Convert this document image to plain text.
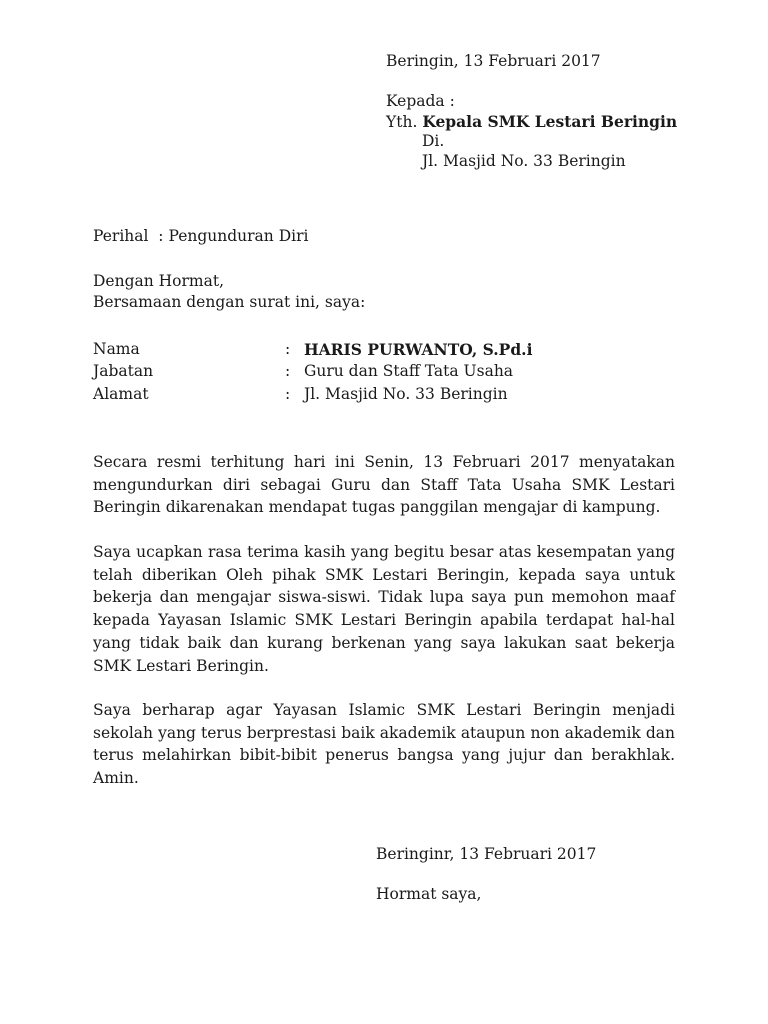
Beringin, 13 Februari 2017
Kepada :
Yth. Kepala SMK Lestari Beringin
Di.
Jl. Masjid No. 33 Beringin
Perihal  : Pengunduran Diri
Dengan Hormat,
Bersamaan dengan surat ini, saya:
Nama	: HARIS PURWANTO, S.Pd.i
Jabatan	: Guru dan Staff Tata Usaha
Alamat	: Jl. Masjid No. 33 Beringin
Secara resmi terhitung hari ini Senin, 13 Februari 2017 menyatakan mengundurkan diri sebagai Guru dan Staff Tata Usaha SMK Lestari Beringin dikarenakan mendapat tugas panggilan mengajar di kampung.
Saya ucapkan rasa terima kasih yang begitu besar atas kesempatan yang telah diberikan Oleh pihak SMK Lestari Beringin, kepada saya untuk bekerja dan mengajar siswa-siswi. Tidak lupa saya pun memohon maaf kepada Yayasan Islamic SMK Lestari Beringin apabila terdapat hal-hal yang tidak baik dan kurang berkenan yang saya lakukan saat bekerja SMK Lestari Beringin.
Saya berharap agar Yayasan Islamic SMK Lestari Beringin menjadi sekolah yang terus berprestasi baik akademik ataupun non akademik dan terus melahirkan bibit-bibit penerus bangsa yang jujur dan berakhlak. Amin.
Beringinr, 13 Februari 2017
Hormat saya,
